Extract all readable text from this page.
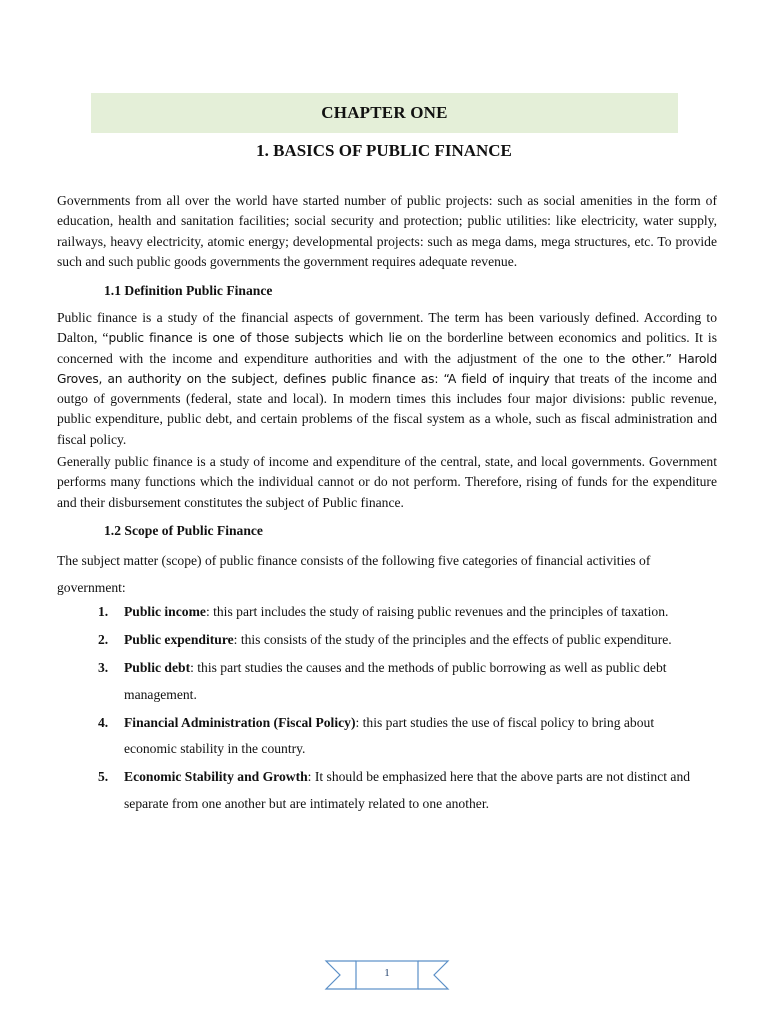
CHAPTER ONE
1. BASICS OF PUBLIC FINANCE

Governments from all over the world have started number of public projects: such as social amenities in the form of education, health and sanitation facilities; social security and protection; public utilities: like electricity, water supply, railways, heavy electricity, atomic energy; developmental projects: such as mega dams, mega structures, etc. To provide such and such public goods governments the government requires adequate revenue.

1.1 Definition Public Finance

Public finance is a study of the financial aspects of government. The term has been variously defined. According to Dalton, “public finance is one of those subjects which lie on the borderline between economics and politics. It is concerned with the income and expenditure authorities and with the adjustment of the one to the other.” Harold Groves, an authority on the subject, defines public finance as: “A field of inquiry that treats of the income and outgo of governments (federal, state and local). In modern times this includes four major divisions: public revenue, public expenditure, public debt, and certain problems of the fiscal system as a whole, such as fiscal administration and fiscal policy.

Generally public finance is a study of income and expenditure of the central, state, and local governments. Government performs many functions which the individual cannot or do not perform. Therefore, rising of funds for the expenditure and their disbursement constitutes the subject of Public finance.

1.2 Scope of Public Finance

The subject matter (scope) of public finance consists of the following five categories of financial activities of government:

1. Public income: this part includes the study of raising public revenues and the principles of taxation.
2. Public expenditure: this consists of the study of the principles and the effects of public expenditure.
3. Public debt: this part studies the causes and the methods of public borrowing as well as public debt management.
4. Financial Administration (Fiscal Policy): this part studies the use of fiscal policy to bring about economic stability in the country.
5. Economic Stability and Growth: It should be emphasized here that the above parts are not distinct and separate from one another but are intimately related to one another.
1
